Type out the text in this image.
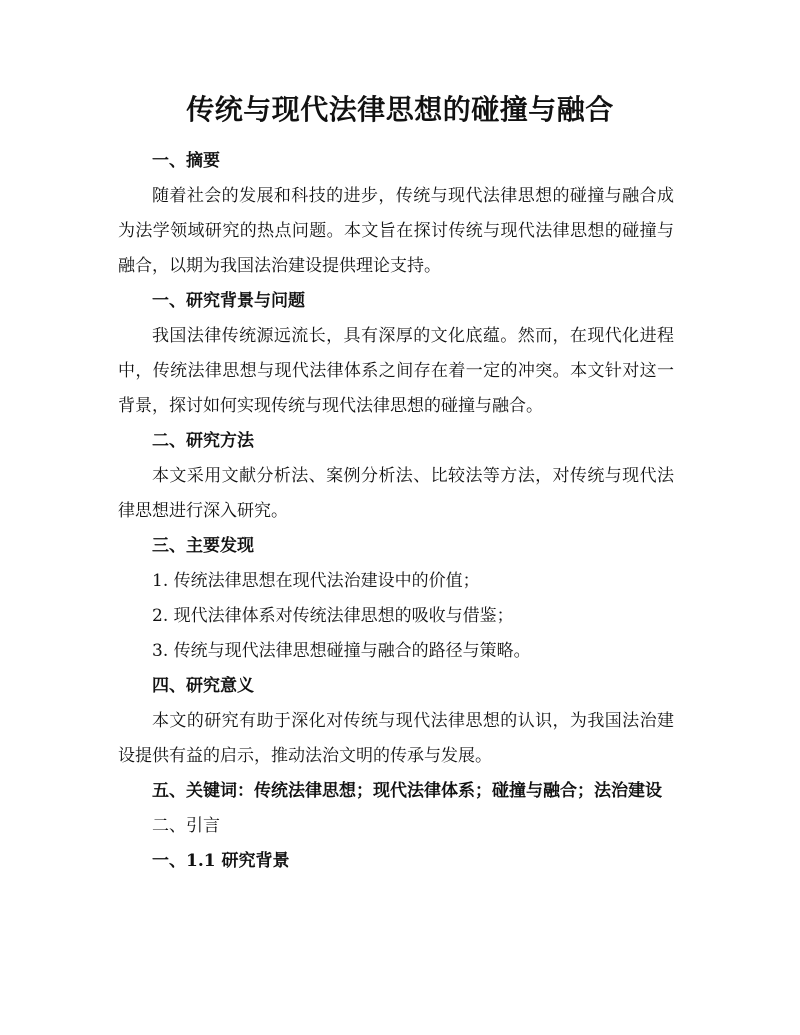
传统与现代法律思想的碰撞与融合

一、摘要

随着社会的发展和科技的进步，传统与现代法律思想的碰撞与融合成为法学领域研究的热点问题。本文旨在探讨传统与现代法律思想的碰撞与融合，以期为我国法治建设提供理论支持。

一、研究背景与问题

我国法律传统源远流长，具有深厚的文化底蕴。然而，在现代化进程中，传统法律思想与现代法律体系之间存在着一定的冲突。本文针对这一背景，探讨如何实现传统与现代法律思想的碰撞与融合。

二、研究方法

本文采用文献分析法、案例分析法、比较法等方法，对传统与现代法律思想进行深入研究。

三、主要发现

1. 传统法律思想在现代法治建设中的价值；

2. 现代法律体系对传统法律思想的吸收与借鉴；

3. 传统与现代法律思想碰撞与融合的路径与策略。

四、研究意义

本文的研究有助于深化对传统与现代法律思想的认识，为我国法治建设提供有益的启示，推动法治文明的传承与发展。

五、关键词：传统法律思想；现代法律体系；碰撞与融合；法治建设

二、引言

一、1.1 研究背景
